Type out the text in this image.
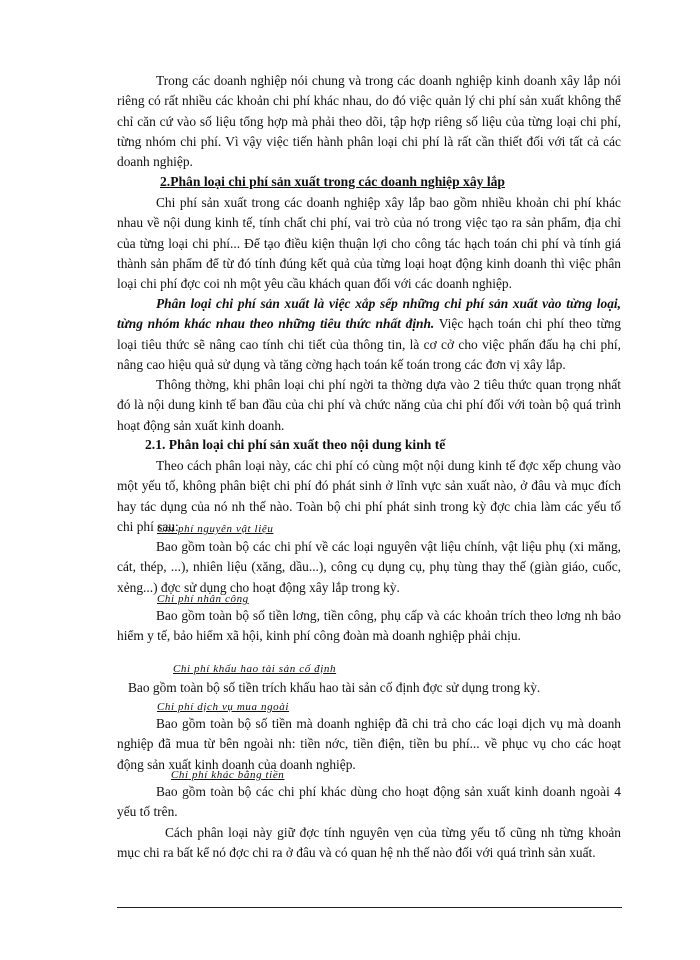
Trong các doanh nghiệp nói chung và trong các doanh nghiệp kinh doanh xây lắp nói riêng có rất nhiều các khoản chi phí khác nhau, do đó việc quản lý chi phí sản xuất không thể chỉ căn cứ vào số liệu tổng hợp mà phải theo dõi, tập hợp riêng số liệu của từng loại chi phí, từng nhóm chi phí. Vì vậy việc tiến hành phân loại chi phí là rất cần thiết đối với tất cả các doanh nghiệp.

2.Phân loại chi phí sản xuất trong các doanh nghiệp xây lắp

Chi phí sản xuất trong các doanh nghiệp xây lắp bao gồm nhiều khoản chi phí khác nhau về nội dung kinh tế, tính chất chi phí, vai trò của nó trong việc tạo ra sản phẩm, địa chỉ của từng loại chi phí... Để tạo điều kiện thuận lợi cho công tác hạch toán chi phí và tính giá thành sản phẩm để từ đó tính đúng kết quả của từng loại hoạt động kinh doanh thì việc phân loại chi phí đợc coi nh một yêu cầu khách quan đối với các doanh nghiệp.

Phân loại chi phí sản xuất là việc xắp sếp những chi phí sản xuất vào từng loại, từng nhóm khác nhau theo những tiêu thức nhất định. Việc hạch toán chi phí theo từng loại tiêu thức sẽ nâng cao tính chi tiết của thông tin, là cơ cở cho việc phấn đấu hạ chi phí, nâng cao hiệu quả sử dụng và tăng cờng hạch toán kế toán trong các đơn vị xây lắp.

Thông thờng, khi phân loại chi phí ngời ta thờng dựa vào 2 tiêu thức quan trọng nhất đó là nội dung kinh tế ban đầu của chi phí và chức năng của chi phí đối với toàn bộ quá trình hoạt động sản xuất kinh doanh.

2.1. Phân loại chi phí sản xuất theo nội dung kinh tế

Theo cách phân loại này, các chi phí có cùng một nội dung kinh tế đợc xếp chung vào một yếu tố, không phân biệt chi phí đó phát sinh ở lĩnh vực sản xuất nào, ở đâu và mục đích hay tác dụng của nó nh thế nào. Toàn bộ chi phí phát sinh trong kỳ đợc chia làm các yếu tố chi phí sau:

Chi phí nguyên vật liệu

Bao gồm toàn bộ các chi phí về các loại nguyên vật liệu chính, vật liệu phụ (xi măng, cát, thép, ...), nhiên liệu (xăng, dầu...), công cụ dụng cụ, phụ tùng thay thế (giàn giáo, cuốc, xẻng...) đợc sử dụng cho hoạt động xây lắp trong kỳ.

Chi phí nhân công

Bao gồm toàn bộ số tiền lơng, tiền công, phụ cấp và các khoản trích theo lơng nh bảo hiểm y tế, bảo hiểm xã hội, kinh phí công đoàn mà doanh nghiệp phải chịu.

Chi phí khấu hao tài sản cố định

Bao gồm toàn bộ số tiền trích khấu hao tài sản cố định đợc sử dụng trong kỳ.

Chi phí dịch vụ mua ngoài

Bao gồm toàn bộ số tiền mà doanh nghiệp đã chi trả cho các loại dịch vụ mà doanh nghiệp đã mua từ bên ngoài nh: tiền nớc, tiền điện, tiền bu phí... về phục vụ cho các hoạt động sản xuất kinh doanh của doanh nghiệp.

Chi phí khác bằng tiền

Bao gồm toàn bộ các chi phí khác dùng cho hoạt động sản xuất kinh doanh ngoài 4 yếu tố trên.

Cách phân loại này giữ đợc tính nguyên vẹn của từng yếu tố cũng nh từng khoản mục chi ra bất kể nó đợc chi ra ở đâu và có quan hệ nh thế nào đối với quá trình sản xuất.
